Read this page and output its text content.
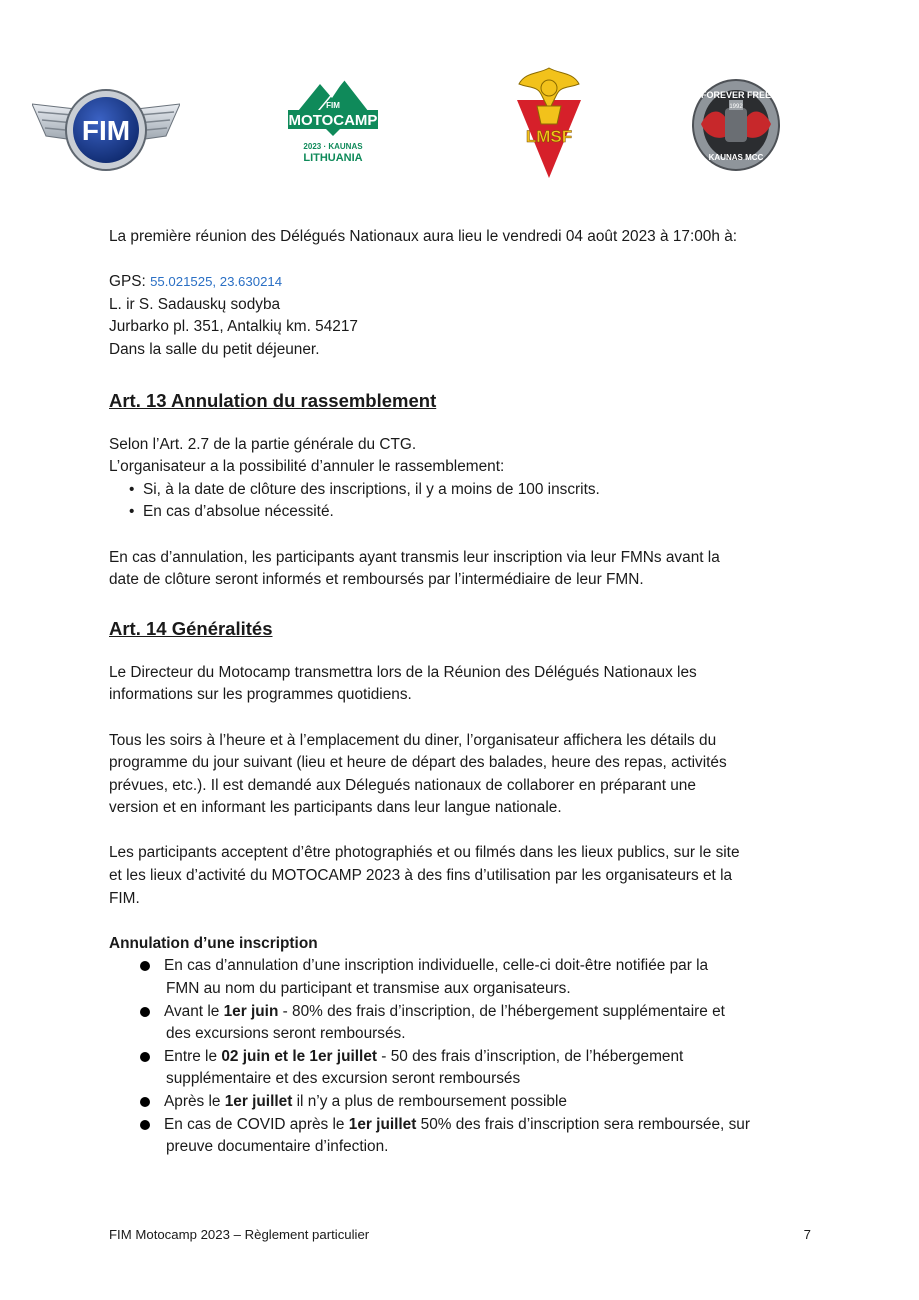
FIM
FIM
MOTOCAMP
2023 · KAUNAS
LITHUANIA
LMSF
FOREVER FREE
1992
KAUNAS MCC

La première réunion des Délégués Nationaux aura lieu le vendredi 04 août 2023 à 17:00h à:

GPS: 55.021525, 23.630214

L. ir S. Sadauskų sodyba

Jurbarko pl. 351, Antalkių km. 54217

Dans la salle du petit déjeuner.

Art. 13 Annulation du rassemblement

Selon l’Art. 2.7 de la partie générale du CTG.

L’organisateur a la possibilité d’annuler le rassemblement:

• Si, à la date de clôture des inscriptions, il y a moins de 100 inscrits.
• En cas d’absolue nécessité.

En cas d’annulation, les participants ayant transmis leur inscription via leur FMNs avant la

date de clôture seront informés et remboursés par l’intermédiaire de leur FMN.

Art. 14 Généralités

Le Directeur du Motocamp transmettra lors de la Réunion des Délégués Nationaux les

informations sur les programmes quotidiens.

Tous les soirs à l’heure et à l’emplacement du diner, l’organisateur affichera les détails du

programme du jour suivant (lieu et heure de départ des balades, heure des repas, activités

prévues, etc.). Il est demandé aux Délegués nationaux de collaborer en préparant une

version et en informant les participants dans leur langue nationale.

Les participants acceptent d’être photographiés et ou filmés dans les lieux publics, sur le site

et les lieux d’activité du MOTOCAMP 2023 à des fins d’utilisation par les organisateurs et la

FIM.

Annulation d’une inscription

En cas d’annulation d’une inscription individuelle, celle-ci doit-être notifiée par la
FMN au nom du participant et transmise aux organisateurs.
Avant le 1er juin - 80% des frais d’inscription, de l’hébergement supplémentaire et
des excursions seront remboursés.
Entre le 02 juin et le 1er juillet - 50 des frais d’inscription, de l’hébergement
supplémentaire et des excursion seront remboursés
Après le 1er juillet il n’y a plus de remboursement possible
En cas de COVID après le 1er juillet 50% des frais d’inscription sera remboursée, sur
preuve documentaire d’infection.
FIM Motocamp 2023 – Règlement particulier	7
